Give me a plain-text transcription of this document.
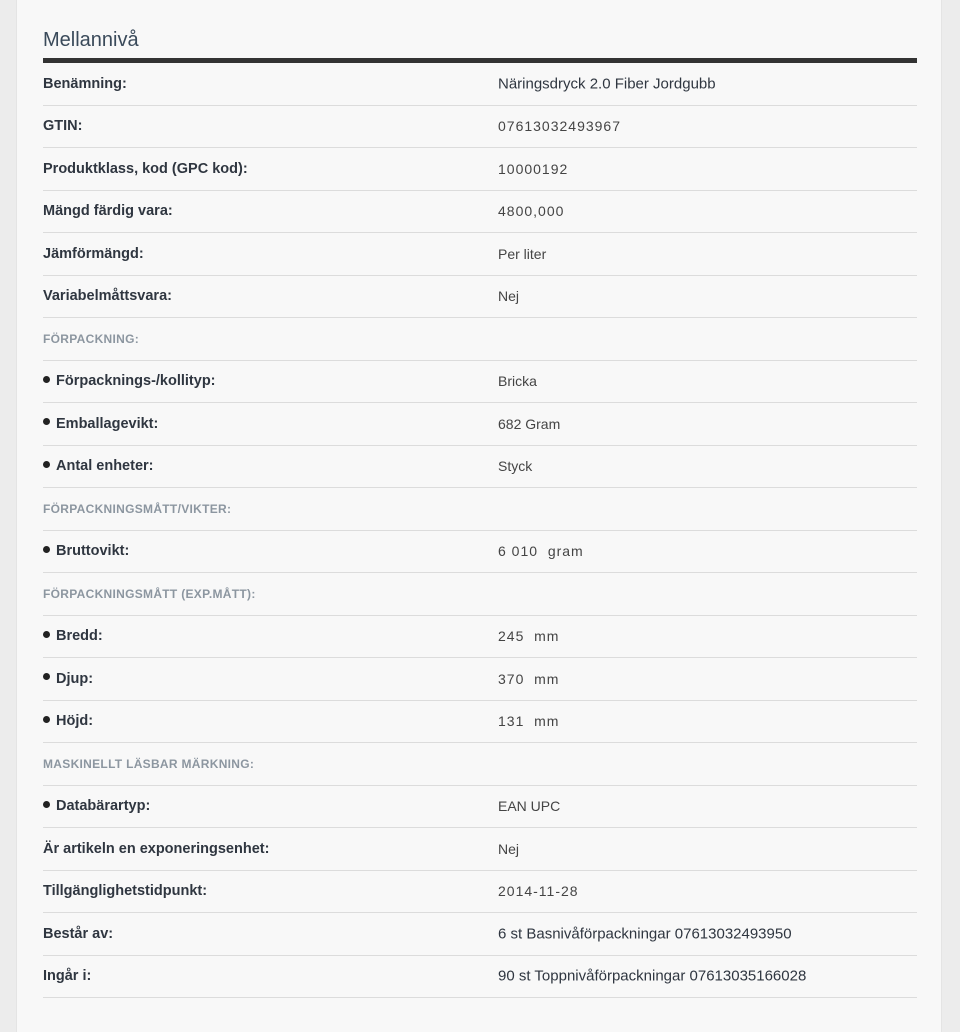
Mellannivå
Benämning:	Näringsdryck 2.0 Fiber Jordgubb
GTIN:	07613032493967
Produktklass, kod (GPC kod):	10000192
Mängd färdig vara:	4800,000
Jämförmängd:	Per liter
Variabelmåttsvara:	Nej
FÖRPACKNING:
Förpacknings-/kollityp:	Bricka
Emballagevikt:	682 Gram
Antal enheter:	Styck
FÖRPACKNINGSMÅTT/VIKTER:
Bruttovikt:	6 010  gram
FÖRPACKNINGSMÅTT (EXP.MÅTT):
Bredd:	245  mm
Djup:	370  mm
Höjd:	131  mm
MASKINELLT LÄSBAR MÄRKNING:
Databärartyp:	EAN UPC
Är artikeln en exponeringsenhet:	Nej
Tillgänglighetstidpunkt:	2014-11-28
Består av:	6 st Basnivåförpackningar 07613032493950
Ingår i:	90 st Toppnivåförpackningar 07613035166028
